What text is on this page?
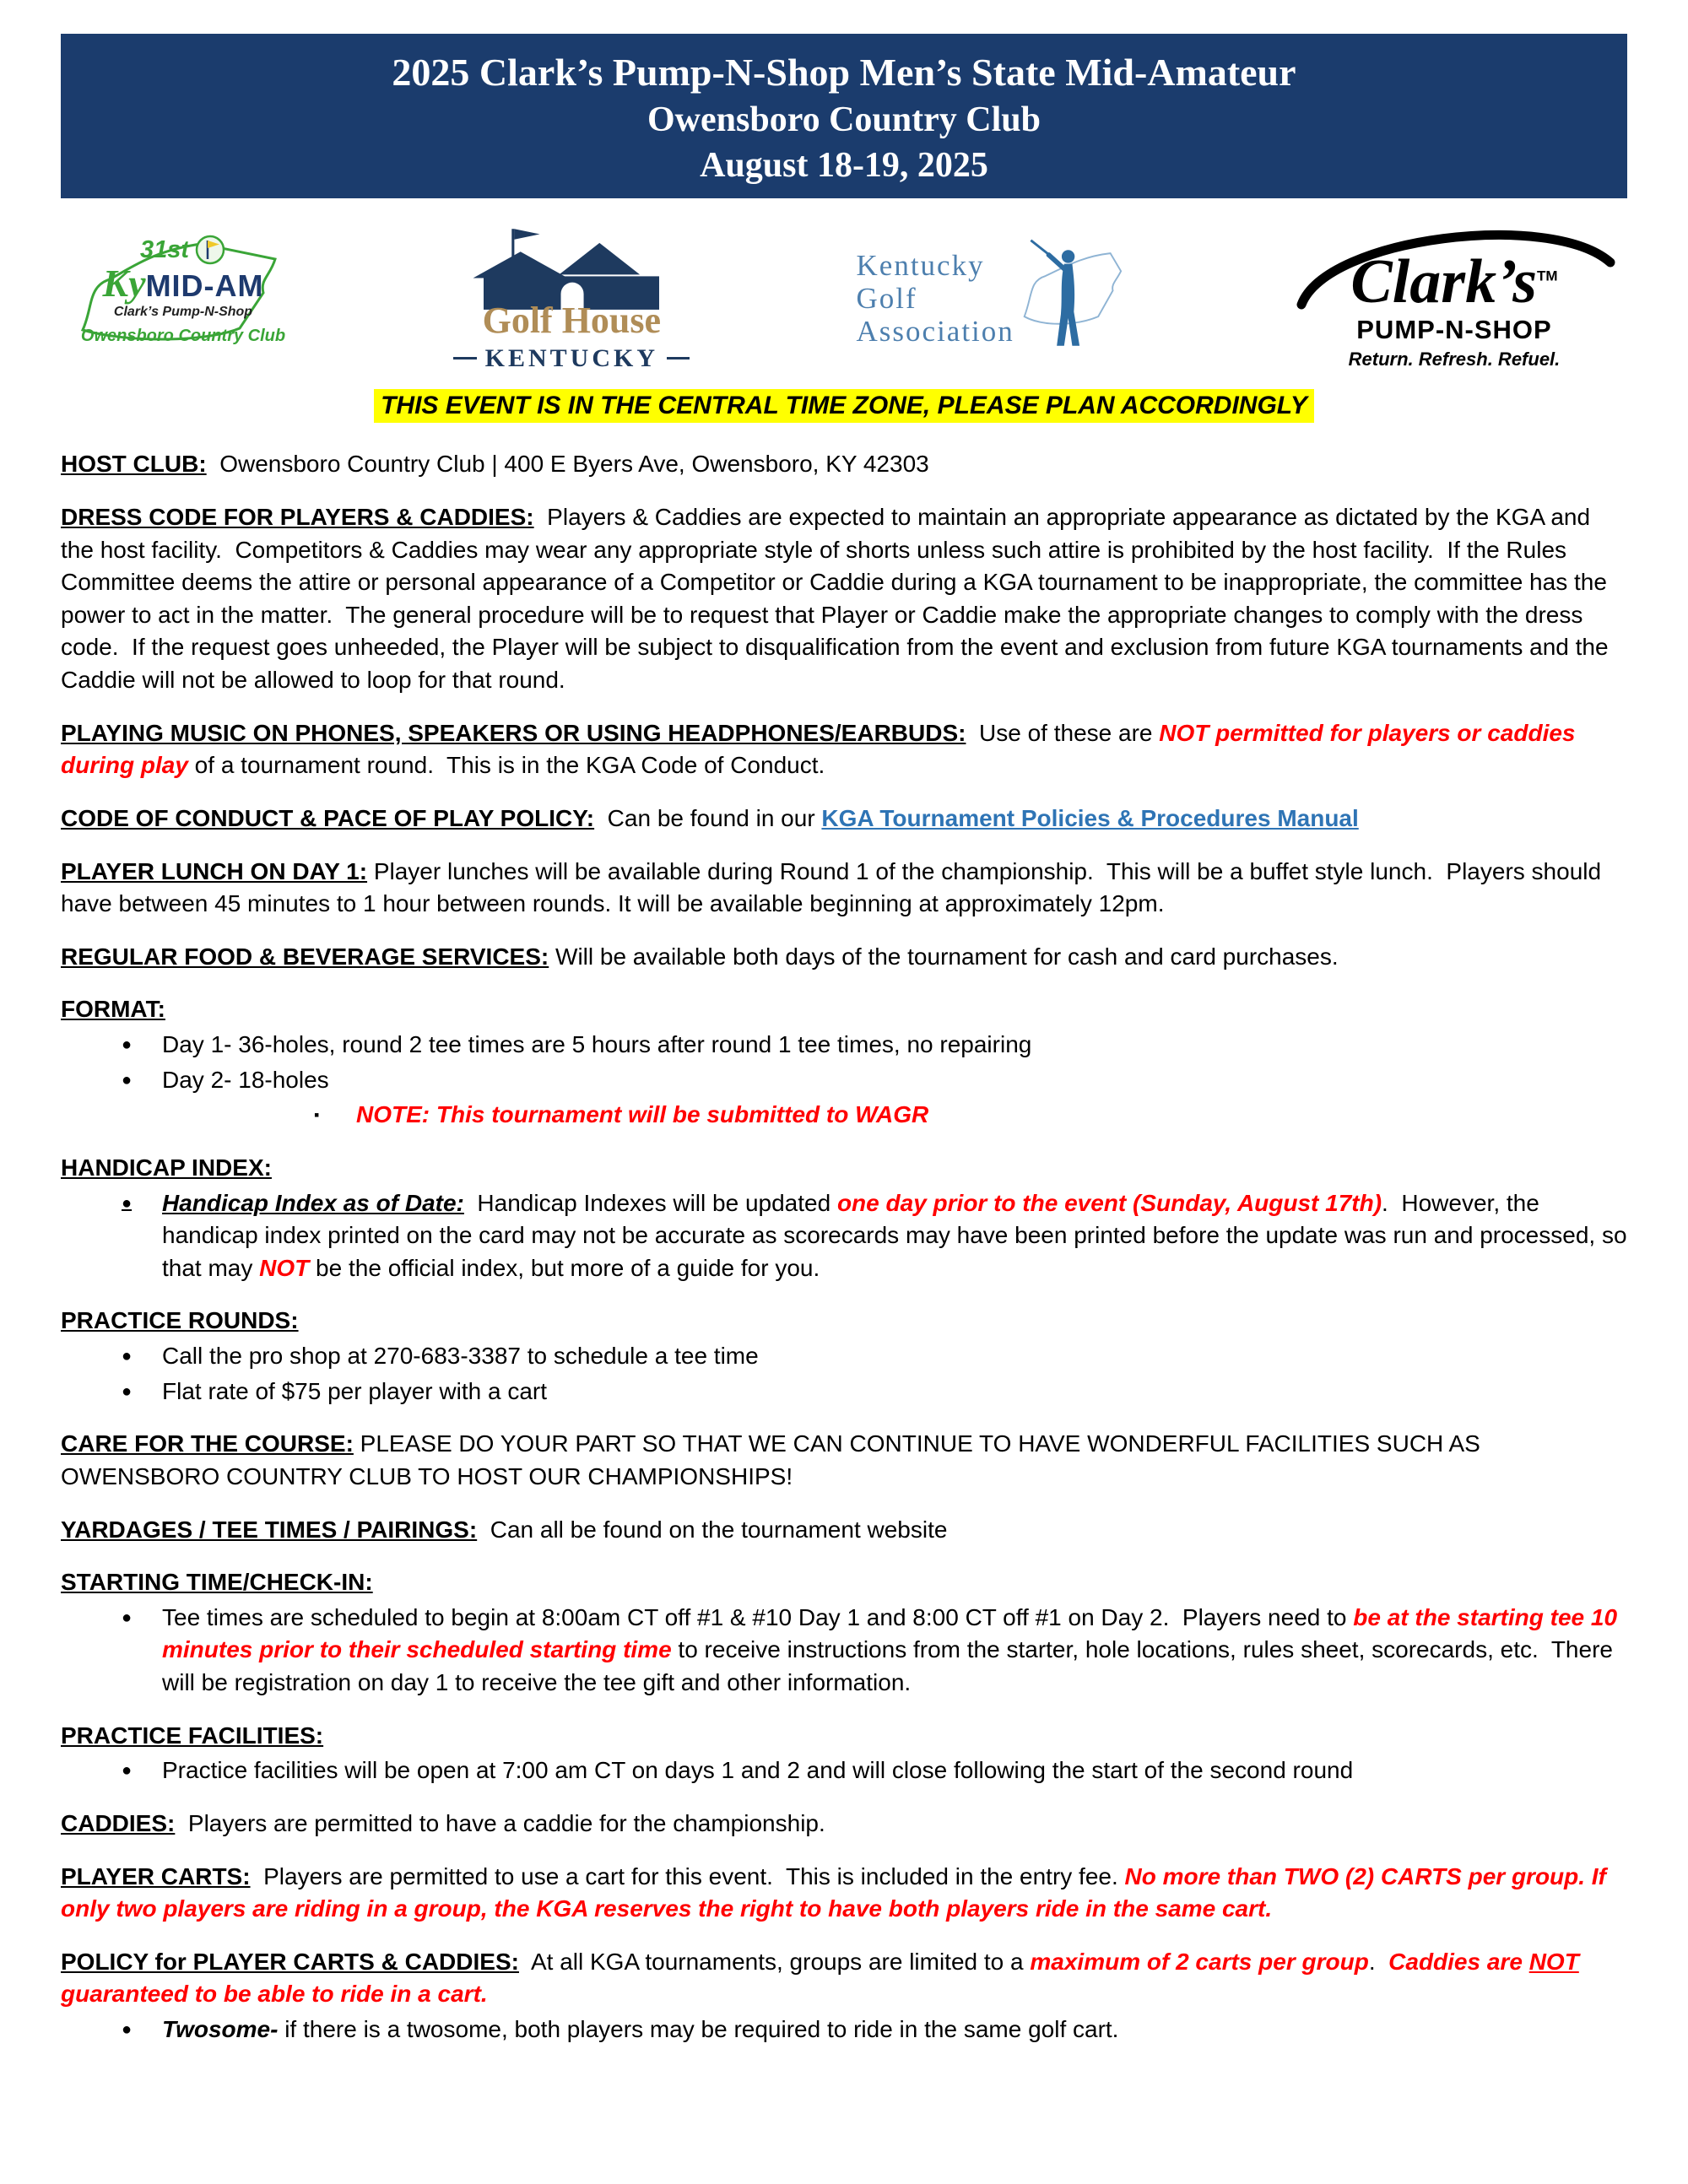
2025 Clark’s Pump-N-Shop Men’s State Mid-Amateur
Owensboro Country Club
August 18-19, 2025
31st
KyMID-AM
Clark’s Pump-N-Shop
Owensboro Country Club	Golf House
KENTUCKY
Kentucky
Golf
Association
Clark’s™
PUMP-N-SHOP
Return. Refresh. Refuel.
THIS EVENT IS IN THE CENTRAL TIME ZONE, PLEASE PLAN ACCORDINGLY
HOST CLUB:  Owensboro Country Club | 400 E Byers Ave, Owensboro, KY 42303
DRESS CODE FOR PLAYERS & CADDIES:  Players & Caddies are expected to maintain an appropriate appearance as dictated by the KGA and the host facility.  Competitors & Caddies may wear any appropriate style of shorts unless such attire is prohibited by the host facility.  If the Rules Committee deems the attire or personal appearance of a Competitor or Caddie during a KGA tournament to be inappropriate, the committee has the power to act in the matter.  The general procedure will be to request that Player or Caddie make the appropriate changes to comply with the dress code.  If the request goes unheeded, the Player will be subject to disqualification from the event and exclusion from future KGA tournaments and the Caddie will not be allowed to loop for that round.
PLAYING MUSIC ON PHONES, SPEAKERS OR USING HEADPHONES/EARBUDS:  Use of these are NOT permitted for players or caddies during play of a tournament round.  This is in the KGA Code of Conduct.
CODE OF CONDUCT & PACE OF PLAY POLICY:  Can be found in our KGA Tournament Policies & Procedures Manual
PLAYER LUNCH ON DAY 1: Player lunches will be available during Round 1 of the championship.  This will be a buffet style lunch.  Players should have between 45 minutes to 1 hour between rounds. It will be available beginning at approximately 12pm.
REGULAR FOOD & BEVERAGE SERVICES: Will be available both days of the tournament for cash and card purchases.
FORMAT:
●	Day 1- 36-holes, round 2 tee times are 5 hours after round 1 tee times, no repairing
●	Day 2- 18-holes
▪	NOTE: This tournament will be submitted to WAGR
HANDICAP INDEX:
●	Handicap Index as of Date:  Handicap Indexes will be updated one day prior to the event (Sunday, August 17th).  However, the handicap index printed on the card may not be accurate as scorecards may have been printed before the update was run and processed, so that may NOT be the official index, but more of a guide for you.
PRACTICE ROUNDS:
●	Call the pro shop at 270-683-3387 to schedule a tee time
●	Flat rate of $75 per player with a cart
CARE FOR THE COURSE: PLEASE DO YOUR PART SO THAT WE CAN CONTINUE TO HAVE WONDERFUL FACILITIES SUCH AS OWENSBORO COUNTRY CLUB TO HOST OUR CHAMPIONSHIPS!
YARDAGES / TEE TIMES / PAIRINGS:  Can all be found on the tournament website
STARTING TIME/CHECK-IN:
●	Tee times are scheduled to begin at 8:00am CT off #1 & #10 Day 1 and 8:00 CT off #1 on Day 2.  Players need to be at the starting tee 10 minutes prior to their scheduled starting time to receive instructions from the starter, hole locations, rules sheet, scorecards, etc.  There will be registration on day 1 to receive the tee gift and other information.
PRACTICE FACILITIES:
●	Practice facilities will be open at 7:00 am CT on days 1 and 2 and will close following the start of the second round
CADDIES:  Players are permitted to have a caddie for the championship.
PLAYER CARTS:  Players are permitted to use a cart for this event.  This is included in the entry fee. No more than TWO (2) CARTS per group. If only two players are riding in a group, the KGA reserves the right to have both players ride in the same cart.
POLICY for PLAYER CARTS & CADDIES:  At all KGA tournaments, groups are limited to a maximum of 2 carts per group.  Caddies are NOT guaranteed to be able to ride in a cart.
●	Twosome- if there is a twosome, both players may be required to ride in the same golf cart.
